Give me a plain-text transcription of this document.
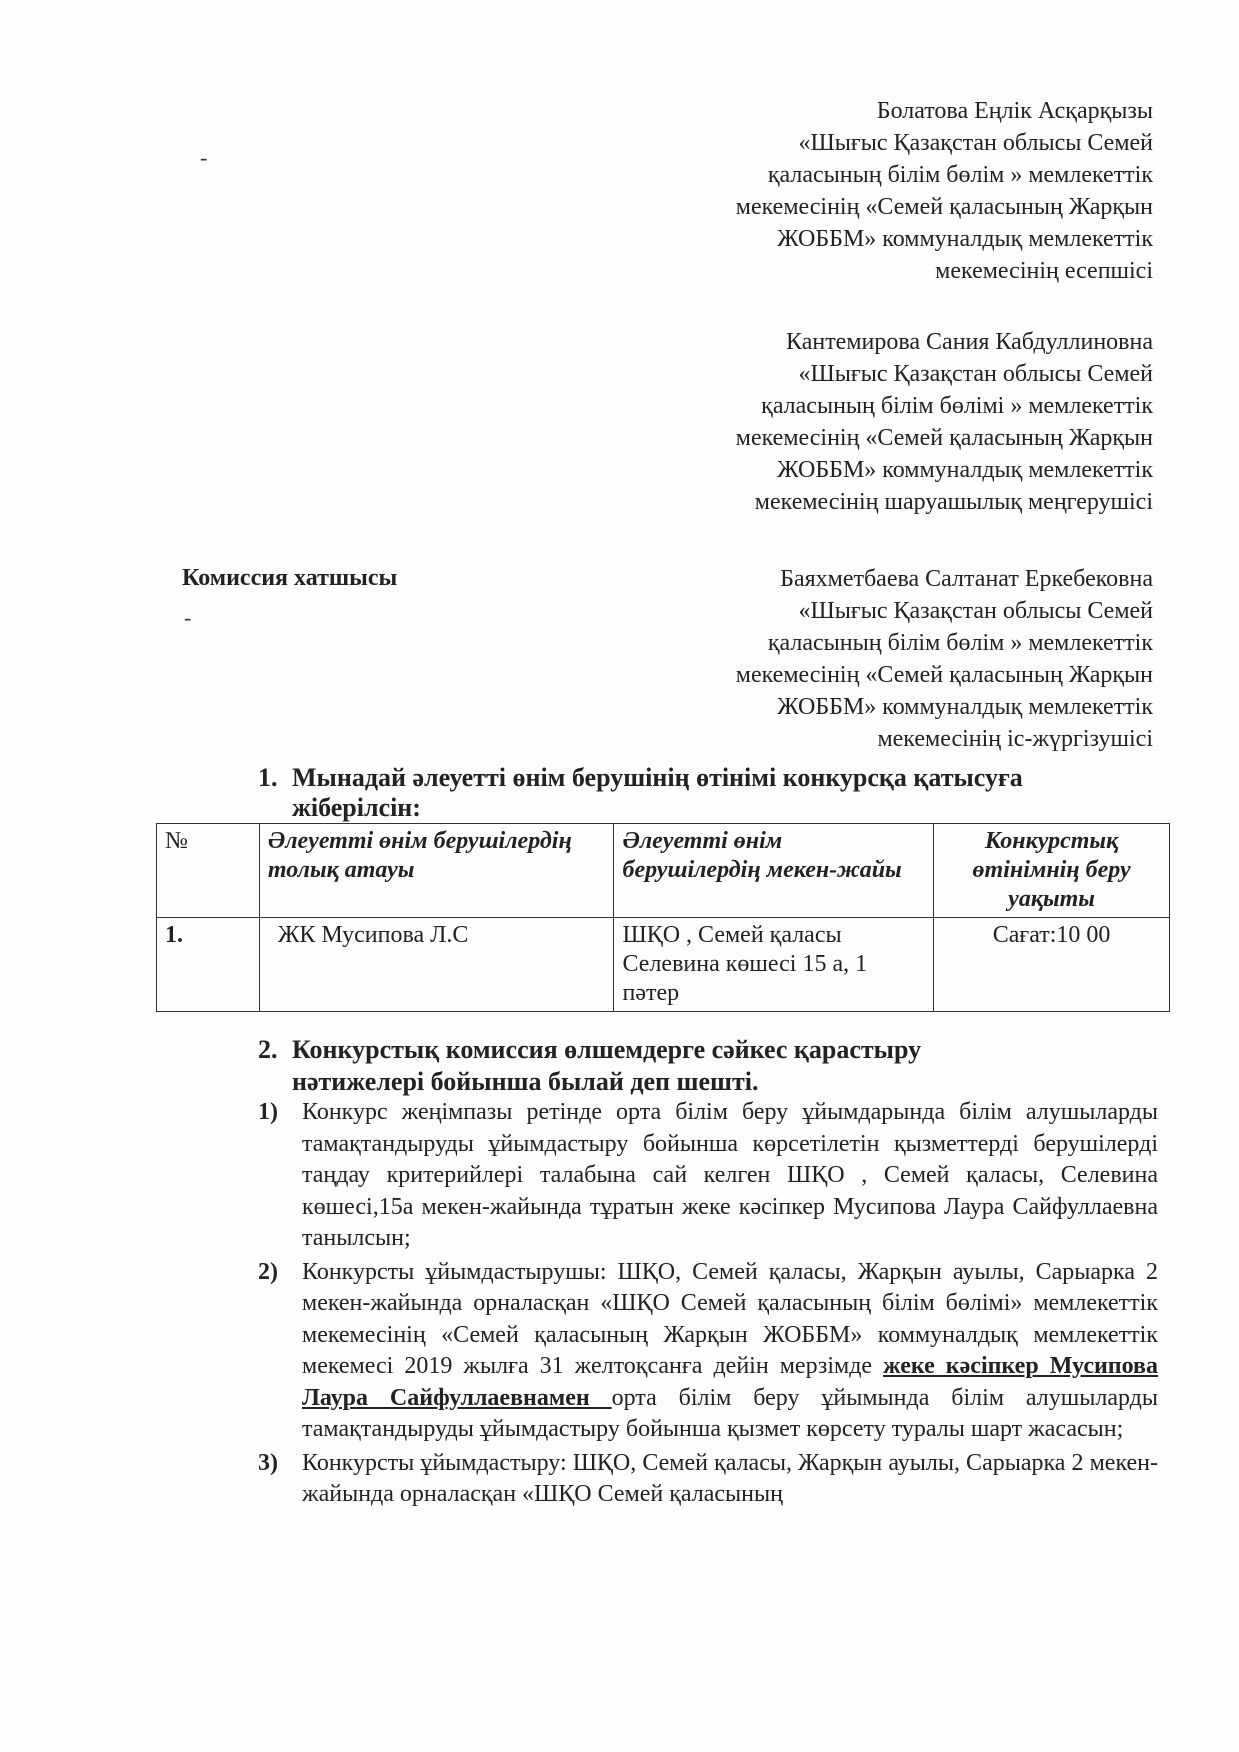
Болатова Еңлік Асқарқызы
«Шығыс Қазақстан облысы Семей
қаласының білім бөлім » мемлекеттік
мекемесінің «Семей қаласының Жарқын
ЖОББМ» коммуналдық мемлекеттік
мекемесінің есепшісі
-
Кантемирова Сания Кабдуллиновна
«Шығыс Қазақстан облысы Семей
қаласының білім бөлімі » мемлекеттік
мекемесінің «Семей қаласының Жарқын
ЖОББМ» коммуналдық мемлекеттік
мекемесінің шаруашылық меңгерушісі
Комиссия хатшысы
-
Баяхметбаева Салтанат Еркебековна
«Шығыс Қазақстан облысы Семей
қаласының білім бөлім » мемлекеттік
мекемесінің «Семей қаласының Жарқын
ЖОББМ» коммуналдық мемлекеттік
мекемесінің іс-жүргізушісі
1. Мынадай әлеуетті өнім берушінің өтінімі конкурсқа қатысуға
жіберілсін:
№	Әлеуетті өнім берушілердің толық атауы	Әлеуетті өнім берушілердің мекен-жайы	Конкурстық өтінімнің беру уақыты
1.	ЖК Мусипова Л.С	ШҚО , Семей қаласы Селевина көшесі 15 а, 1 пәтер	Сағат:10 00
2. Конкурстық комиссия өлшемдерге сәйкес қарастыру
нәтижелері бойынша былай деп шешті.
1) Конкурс жеңімпазы ретінде орта білім беру ұйымдарында білім алушыларды тамақтандыруды ұйымдастыру бойынша көрсетілетін қызметтерді берушілерді таңдау критерийлері талабына сай келген ШҚО , Семей қаласы, Селевина көшесі,15а мекен-жайында тұратын жеке кәсіпкер Мусипова Лаура Сайфуллаевна танылсын;
2) Конкурсты ұйымдастырушы: ШҚО, Семей қаласы, Жарқын ауылы, Сарыарка 2 мекен-жайында орналасқан «ШҚО Семей қаласының білім бөлімі» мемлекеттік мекемесінің «Семей қаласының Жарқын ЖОББМ» коммуналдық мемлекеттік мекемесі 2019 жылға 31 желтоқсанға дейін мерзімде жеке кәсіпкер Мусипова Лаура Сайфуллаевнамен орта білім беру ұйымында білім алушыларды тамақтандыруды ұйымдастыру бойынша қызмет көрсету туралы шарт жасасын;
3) Конкурсты ұйымдастыру: ШҚО, Семей қаласы, Жарқын ауылы, Сарыарка 2 мекен-жайында орналасқан «ШҚО Семей қаласының
